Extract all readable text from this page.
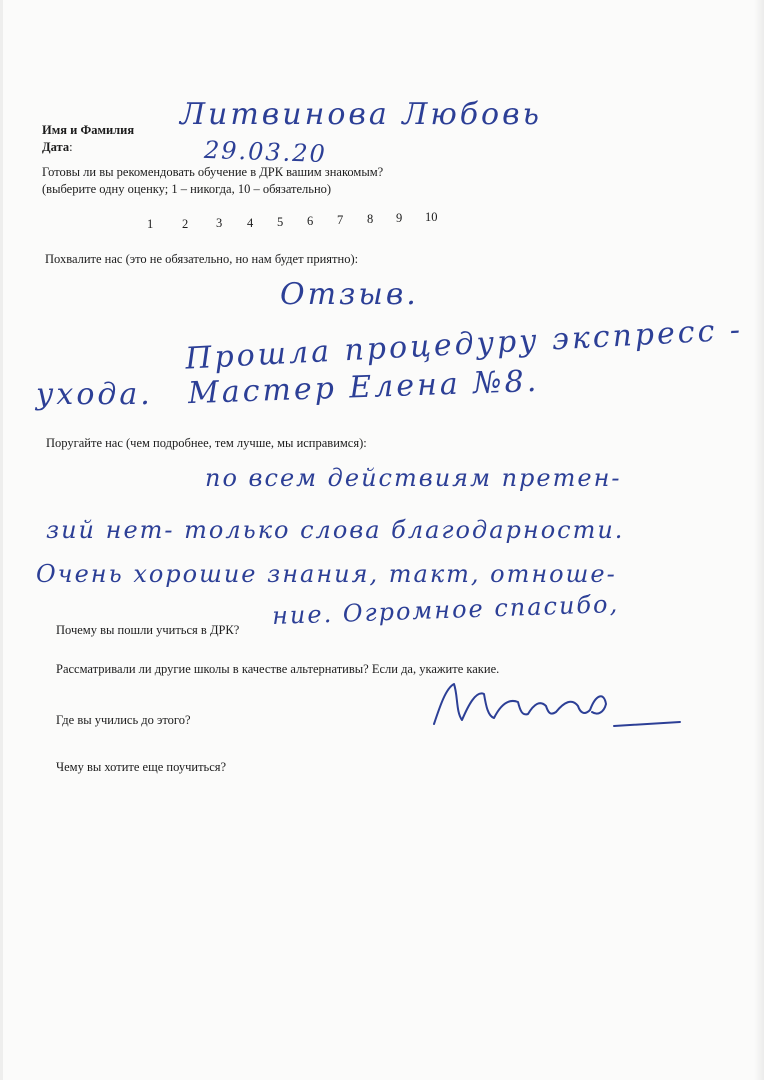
Имя и Фамилия
Дата:
Литвинова Любовь
29.03.20
Готовы ли вы рекомендовать обучение в ДРК вашим знакомым?
(выберите одну оценку; 1 – никогда, 10 – обязательно)
1 2 3 4 5 6 7 8 9 10
Похвалите нас (это не обязательно, но нам будет приятно):
Отзыв.
Прошла процедуру экспресс -
ухода. Мастер Елена №8.
Поругайте нас (чем подробнее, тем лучше, мы исправимся):
по всем действиям претен-
зий нет- только слова благодарности.
Очень хорошие знания, такт, отноше-
ние. Огромное спасибо,
Почему вы пошли учиться в ДРК?
Рассматривали ли другие школы в качестве альтернативы? Если да, укажите какие.
Где вы учились до этого?
Чему вы хотите еще поучиться?
